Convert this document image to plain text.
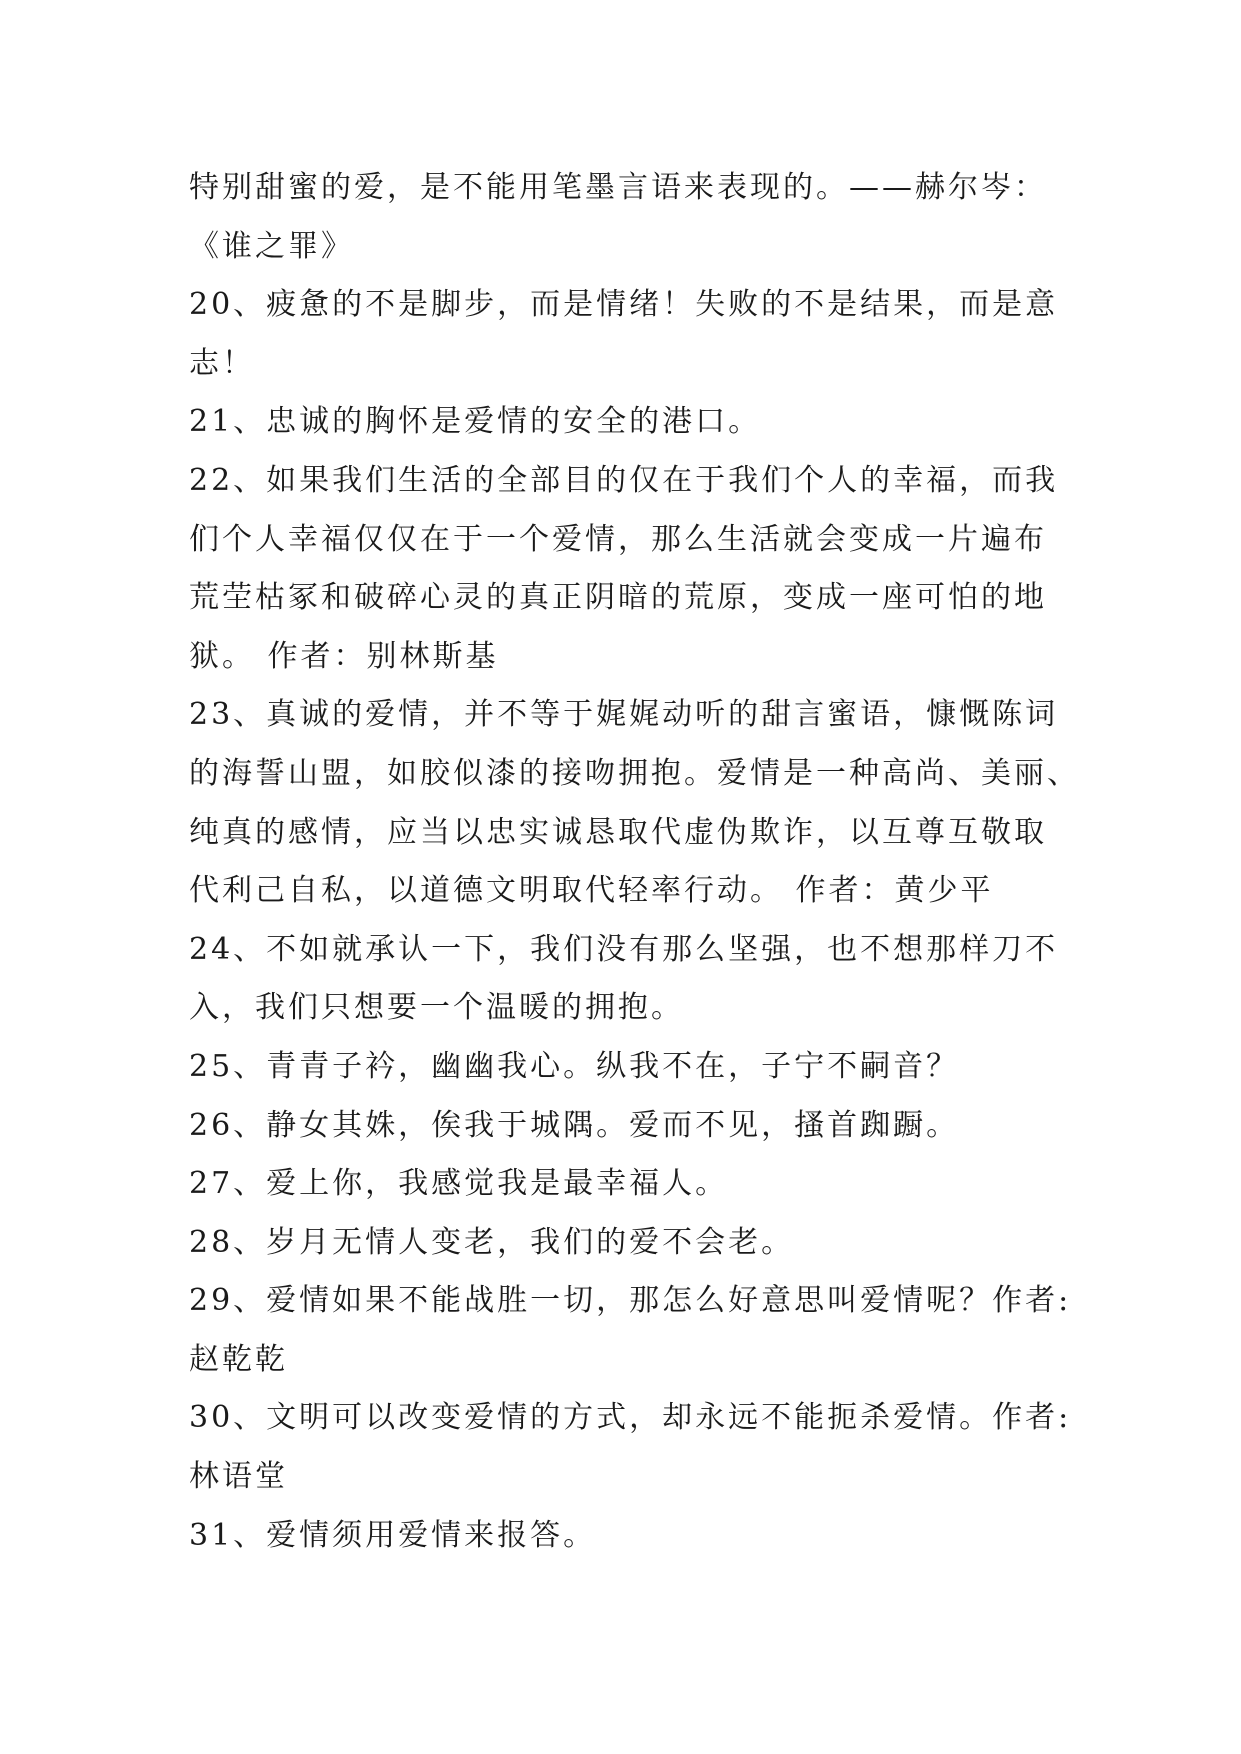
特别甜蜜的爱，是不能用笔墨言语来表现的。——赫尔岑：
《谁之罪》
20、疲惫的不是脚步，而是情绪！失败的不是结果，而是意
志！
21、忠诚的胸怀是爱情的安全的港口。
22、如果我们生活的全部目的仅在于我们个人的幸福，而我
们个人幸福仅仅在于一个爱情，那么生活就会变成一片遍布
荒茔枯冢和破碎心灵的真正阴暗的荒原，变成一座可怕的地
狱。 作者：别林斯基
23、真诚的爱情，并不等于娓娓动听的甜言蜜语，慷慨陈词
的海誓山盟，如胶似漆的接吻拥抱。爱情是一种高尚、美丽、
纯真的感情，应当以忠实诚恳取代虚伪欺诈，以互尊互敬取
代利己自私，以道德文明取代轻率行动。 作者：黄少平
24、不如就承认一下，我们没有那么坚强，也不想那样刀不
入，我们只想要一个温暖的拥抱。
25、青青子衿，幽幽我心。纵我不在，子宁不嗣音？
26、静女其姝，俟我于城隅。爱而不见，搔首踟蹰。
27、爱上你，我感觉我是最幸福人。
28、岁月无情人变老，我们的爱不会老。
29、爱情如果不能战胜一切，那怎么好意思叫爱情呢？作者:
赵乾乾
30、文明可以改变爱情的方式，却永远不能扼杀爱情。作者:
林语堂
31、爱情须用爱情来报答。
